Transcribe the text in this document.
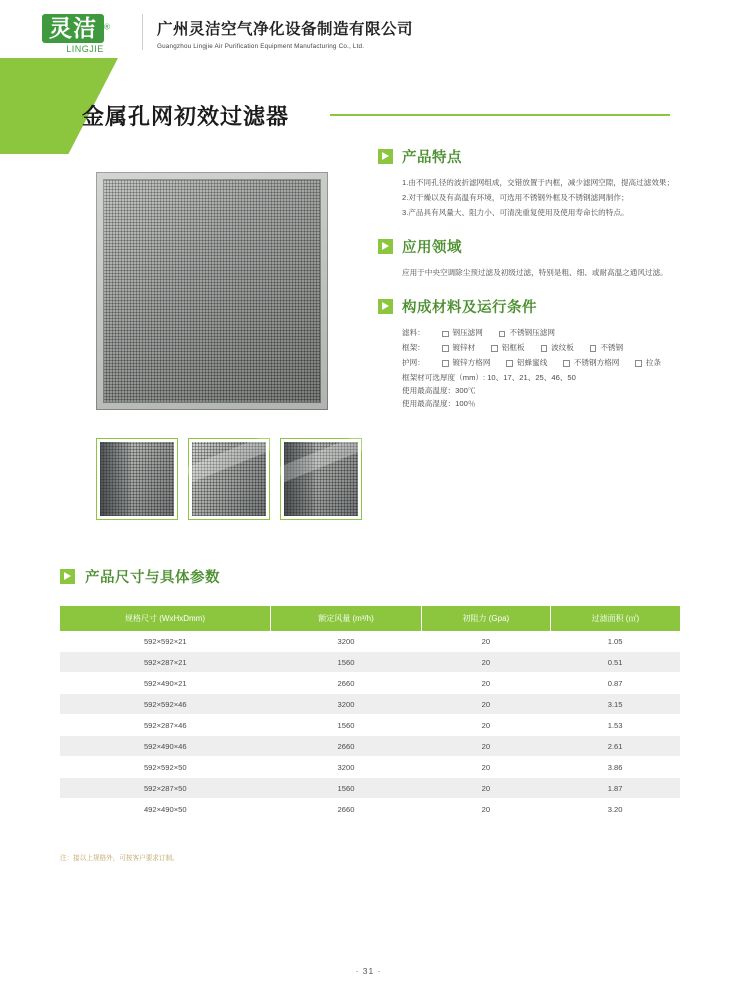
灵洁 ®
LINGJIE
广州灵洁空气净化设备制造有限公司
Guangzhou Lingjie Air Purification Equipment Manufacturing Co., Ltd.
金属孔网初效过滤器
产品特点
1.由不同孔径的波折滤网组成，交错放置于内框，减少滤网空隙，提高过滤效果；
2.对干燥以及有高温有环境，可选用不锈钢外框及不锈钢滤网制作；
3.产品具有风量大、阻力小、可清洗重复使用及使用寿命长的特点。
应用领域
应用于中央空调除尘预过滤及初级过滤，特别是粗、细、或耐高温之通风过滤。
构成材料及运行条件
滤料：	钢压滤网	不锈钢压滤网
框架：	镀锌材	铝框板	波纹板	不锈钢
护网：	镀锌方格网	铝蜂蜜线	不锈钢方格网	拉条
框架材可选厚度（mm）: 10、17、21、25、46、50
使用最高温度：300℃
使用最高湿度：100％
产品尺寸与具体参数
规格尺寸 (WxHxDmm)	额定风量 (m³/h)	初阻力 (Gpa)	过滤面积 (㎡)
592×592×21	3200	20	1.05
592×287×21	1560	20	0.51
592×490×21	2660	20	0.87
592×592×46	3200	20	3.15
592×287×46	1560	20	1.53
592×490×46	2660	20	2.61
592×592×50	3200	20	3.86
592×287×50	1560	20	1.87
492×490×50	2660	20	3.20
注：接以上规格外，可按客户要求订制。
· 31 ·
